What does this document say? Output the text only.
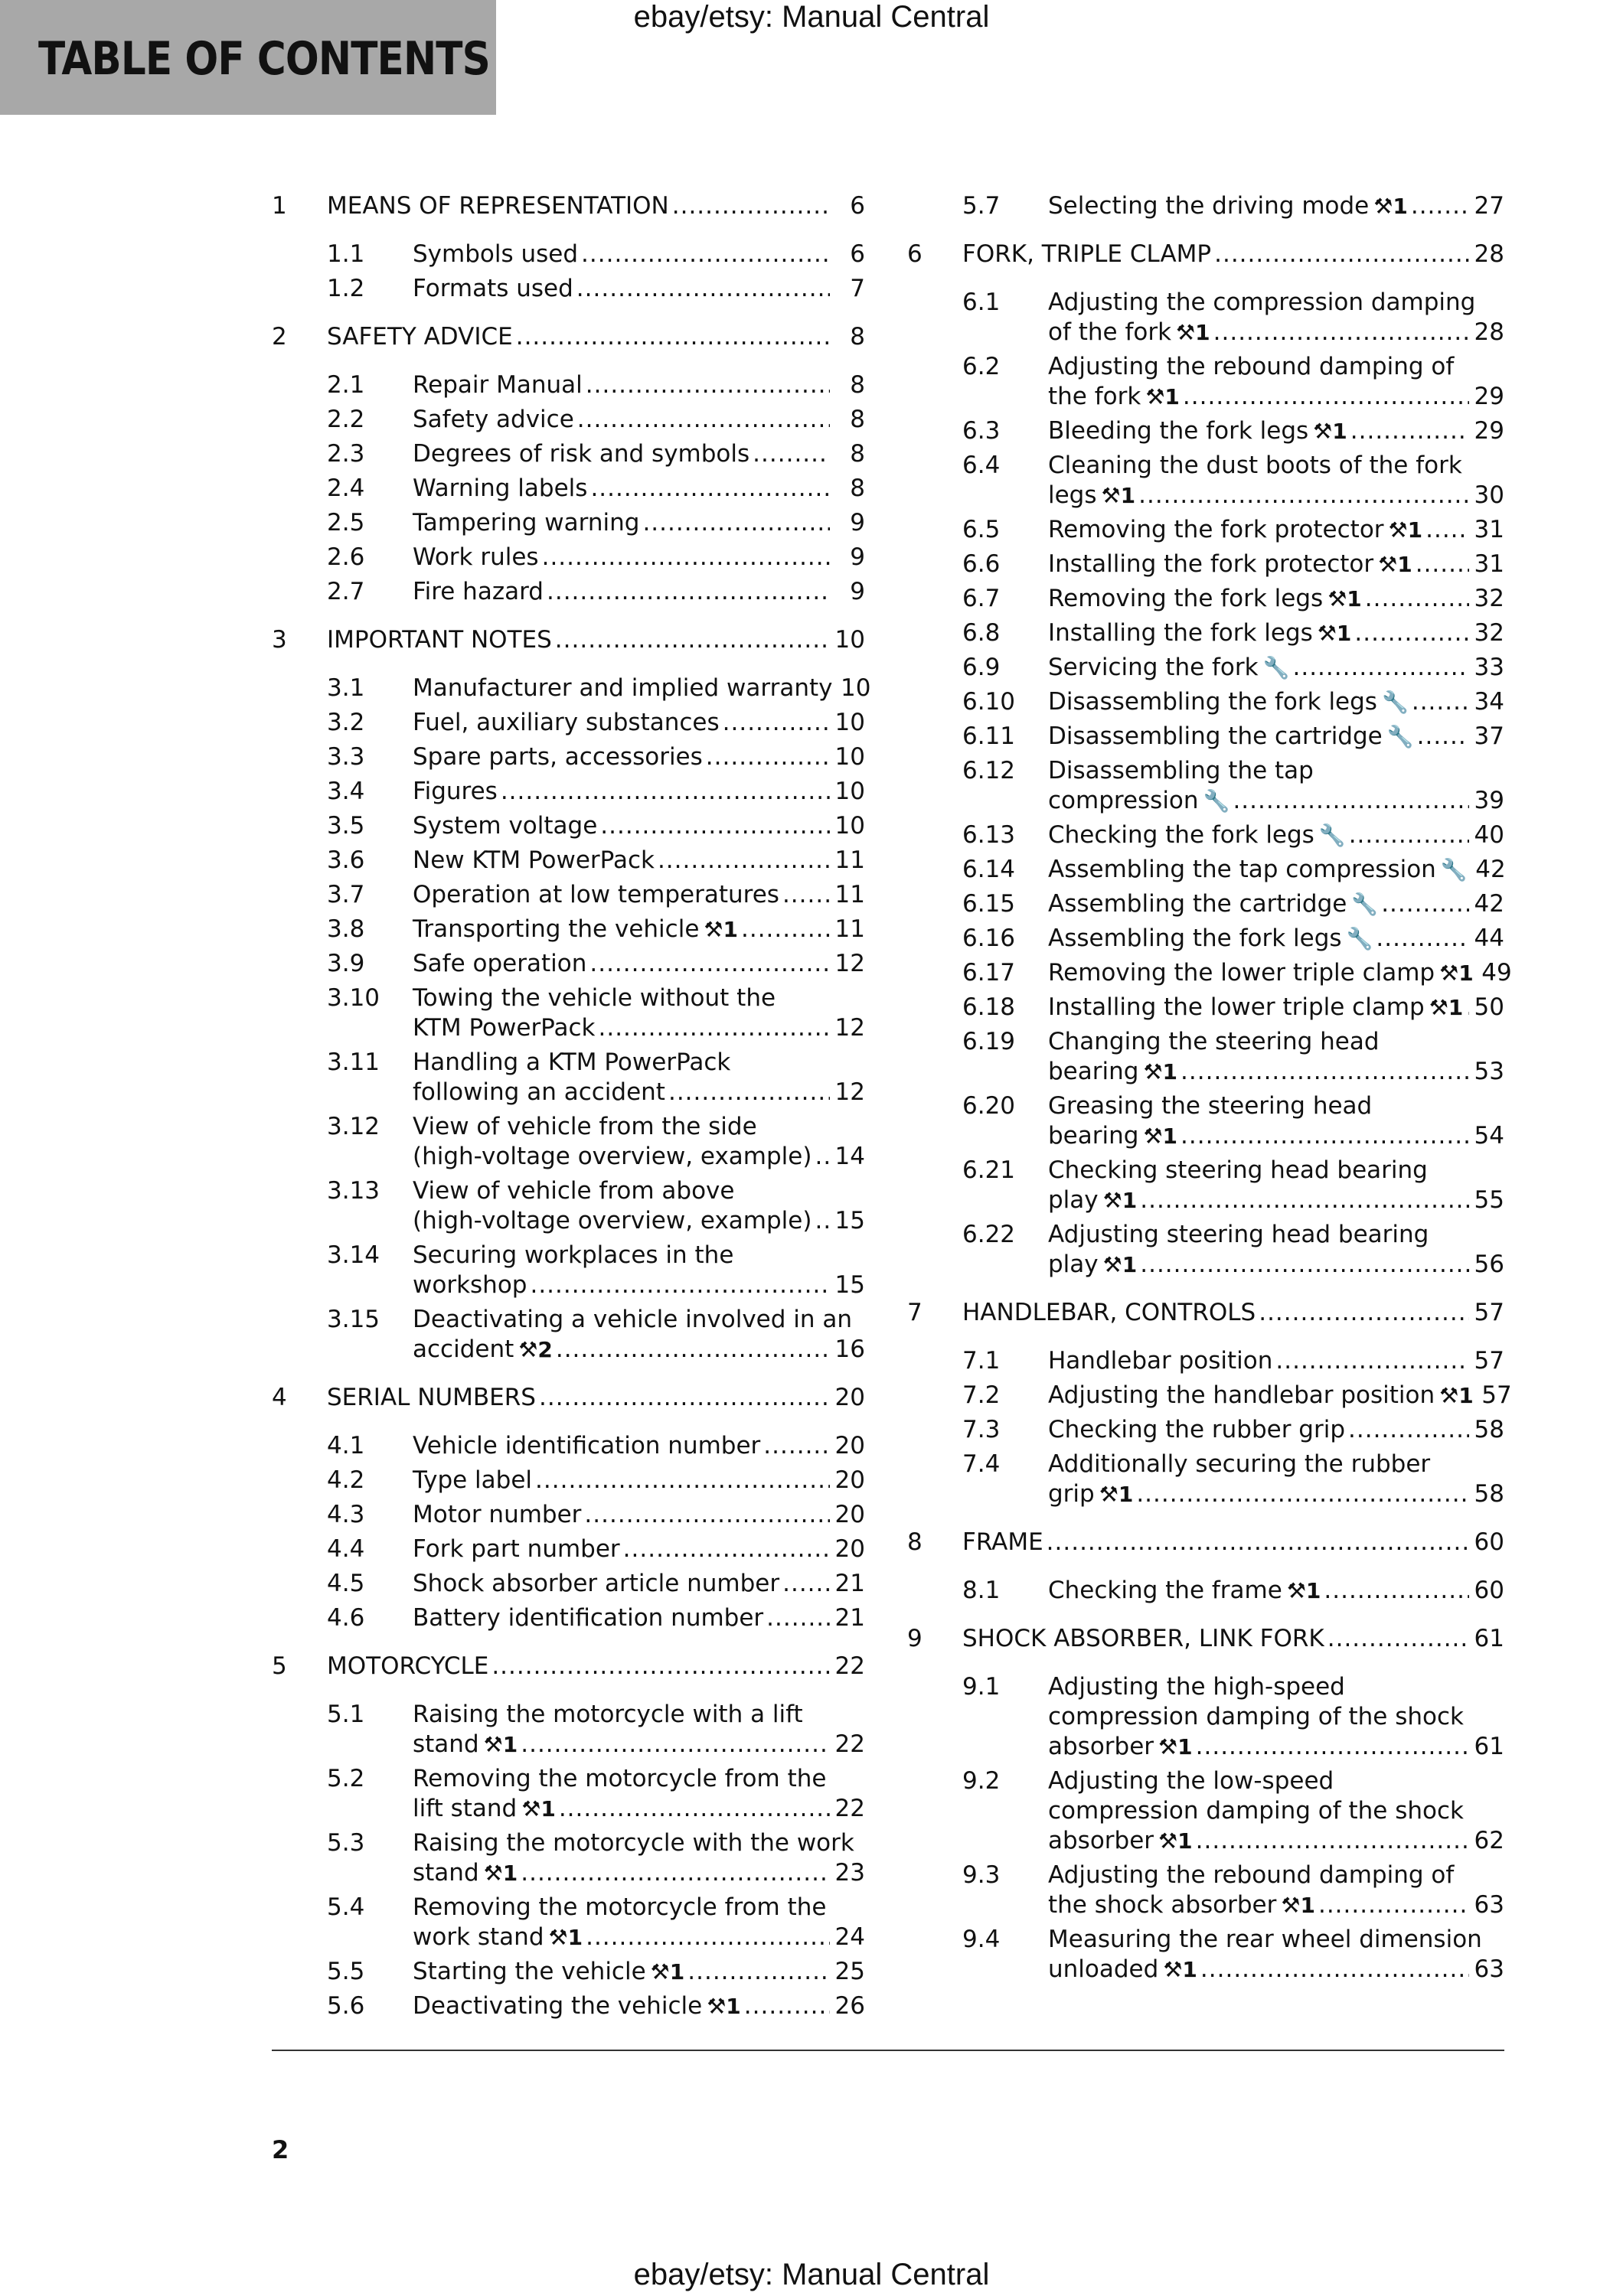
ebay/etsy: Manual Central
TABLE OF CONTENTS
1 MEANS OF REPRESENTATION .....	6
1.1 Symbols used .....	6
1.2 Formats used .....	7
2 SAFETY ADVICE .....	8
2.1 Repair Manual .....	8
2.2 Safety advice .....	8
2.3 Degrees of risk and symbols .....	8
2.4 Warning labels .....	8
2.5 Tampering warning .....	9
2.6 Work rules .....	9
2.7 Fire hazard .....	9
3 IMPORTANT NOTES .....	10
3.1 Manufacturer and implied warranty 10
3.2 Fuel, auxiliary substances .....	10
3.3 Spare parts, accessories .....	10
3.4 Figures .....	10
3.5 System voltage .....	10
3.6 New KTM PowerPack .....	11
3.7 Operation at low temperatures ..... 11
3.8 Transporting the vehicle ⚒1 .....	11
3.9 Safe operation .....	12
3.10 Towing the vehicle without the
KTM PowerPack .....	12
3.11 Handling a KTM PowerPack
following an accident .....	12
3.12 View of vehicle from the side
(high-voltage overview, example) ..... 14
3.13 View of vehicle from above
(high-voltage overview, example) ..... 15
3.14 Securing workplaces in the
workshop .....	15
3.15 Deactivating a vehicle involved in an
accident ⚒2 .....	16
4 SERIAL NUMBERS .....	20
4.1 Vehicle identification number .....	20
4.2 Type label .....	20
4.3 Motor number .....	20
4.4 Fork part number .....	20
4.5 Shock absorber article number ..... 21
4.6 Battery identification number .....	21
5 MOTORCYCLE .....	22
5.1 Raising the motorcycle with a lift
stand ⚒1 .....	22
5.2 Removing the motorcycle from the
lift stand ⚒1 .....	22
5.3 Raising the motorcycle with the work
stand ⚒1 .....	23
5.4 Removing the motorcycle from the
work stand ⚒1 .....	24
5.5 Starting the vehicle ⚒1 .....	25
5.6 Deactivating the vehicle ⚒1 .....	26
5.7 Selecting the driving mode ⚒1 .....	27
6 FORK, TRIPLE CLAMP .....	28
6.1 Adjusting the compression damping
of the fork ⚒1 .....	28
6.2 Adjusting the rebound damping of
the fork ⚒1 .....	29
6.3 Bleeding the fork legs ⚒1 .....	29
6.4 Cleaning the dust boots of the fork
legs ⚒1 .....	30
6.5 Removing the fork protector ⚒1 ..... 31
6.6 Installing the fork protector ⚒1 .....	31
6.7 Removing the fork legs ⚒1 .....	32
6.8 Installing the fork legs ⚒1 .....	32
6.9 Servicing the fork 🔧 .....	33
6.10 Disassembling the fork legs 🔧 .....	34
6.11 Disassembling the cartridge 🔧 .....	37
6.12 Disassembling the tap
compression 🔧 .....	39
6.13 Checking the fork legs 🔧 .....	40
6.14 Assembling the tap compression 🔧 42
6.15 Assembling the cartridge 🔧 .....	42
6.16 Assembling the fork legs 🔧 .....	44
6.17 Removing the lower triple clamp ⚒1 49
6.18 Installing the lower triple clamp ⚒1 ..... 50
6.19 Changing the steering head
bearing ⚒1 .....	53
6.20 Greasing the steering head
bearing ⚒1 .....	54
6.21 Checking steering head bearing
play ⚒1 .....	55
6.22 Adjusting steering head bearing
play ⚒1 .....	56
7 HANDLEBAR, CONTROLS .....	57
7.1 Handlebar position .....	57
7.2 Adjusting the handlebar position ⚒1 57
7.3 Checking the rubber grip .....	58
7.4 Additionally securing the rubber
grip ⚒1 .....	58
8 FRAME .....	60
8.1 Checking the frame ⚒1 .....	60
9 SHOCK ABSORBER, LINK FORK .....	61
9.1 Adjusting the high-speed
compression damping of the shock
absorber ⚒1 .....	61
9.2 Adjusting the low-speed
compression damping of the shock
absorber ⚒1 .....	62
9.3 Adjusting the rebound damping of
the shock absorber ⚒1 .....	63
9.4 Measuring the rear wheel dimension
unloaded ⚒1 .....	63
2
ebay/etsy: Manual Central
